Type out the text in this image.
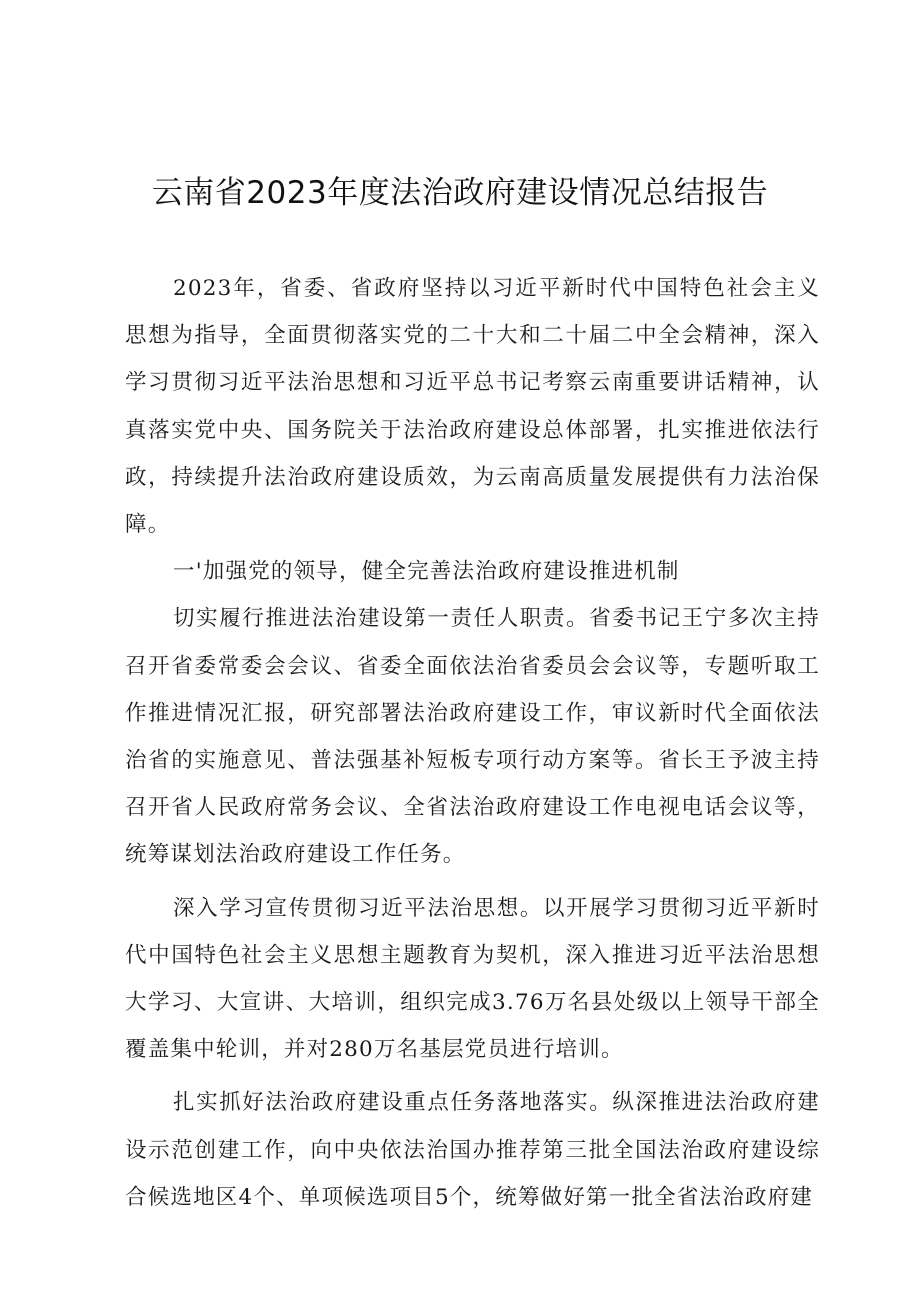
云南省2023年度法治政府建设情况总结报告

2023年，省委、省政府坚持以习近平新时代中国特色社会主义思想为指导，全面贯彻落实党的二十大和二十届二中全会精神，深入学习贯彻习近平法治思想和习近平总书记考察云南重要讲话精神，认真落实党中央、国务院关于法治政府建设总体部署，扎实推进依法行政，持续提升法治政府建设质效，为云南高质量发展提供有力法治保障。

一'加强党的领导，健全完善法治政府建设推进机制

切实履行推进法治建设第一责任人职责。省委书记王宁多次主持召开省委常委会会议、省委全面依法治省委员会会议等，专题听取工作推进情况汇报，研究部署法治政府建设工作，审议新时代全面依法治省的实施意见、普法强基补短板专项行动方案等。省长王予波主持召开省人民政府常务会议、全省法治政府建设工作电视电话会议等，统筹谋划法治政府建设工作任务。

深入学习宣传贯彻习近平法治思想。以开展学习贯彻习近平新时代中国特色社会主义思想主题教育为契机，深入推进习近平法治思想大学习、大宣讲、大培训，组织完成3.76万名县处级以上领导干部全覆盖集中轮训，并对280万名基层党员进行培训。

扎实抓好法治政府建设重点任务落地落实。纵深推进法治政府建设示范创建工作，向中央依法治国办推荐第三批全国法治政府建设综合候选地区4个、单项候选项目5个，统筹做好第一批全省法治政府建
